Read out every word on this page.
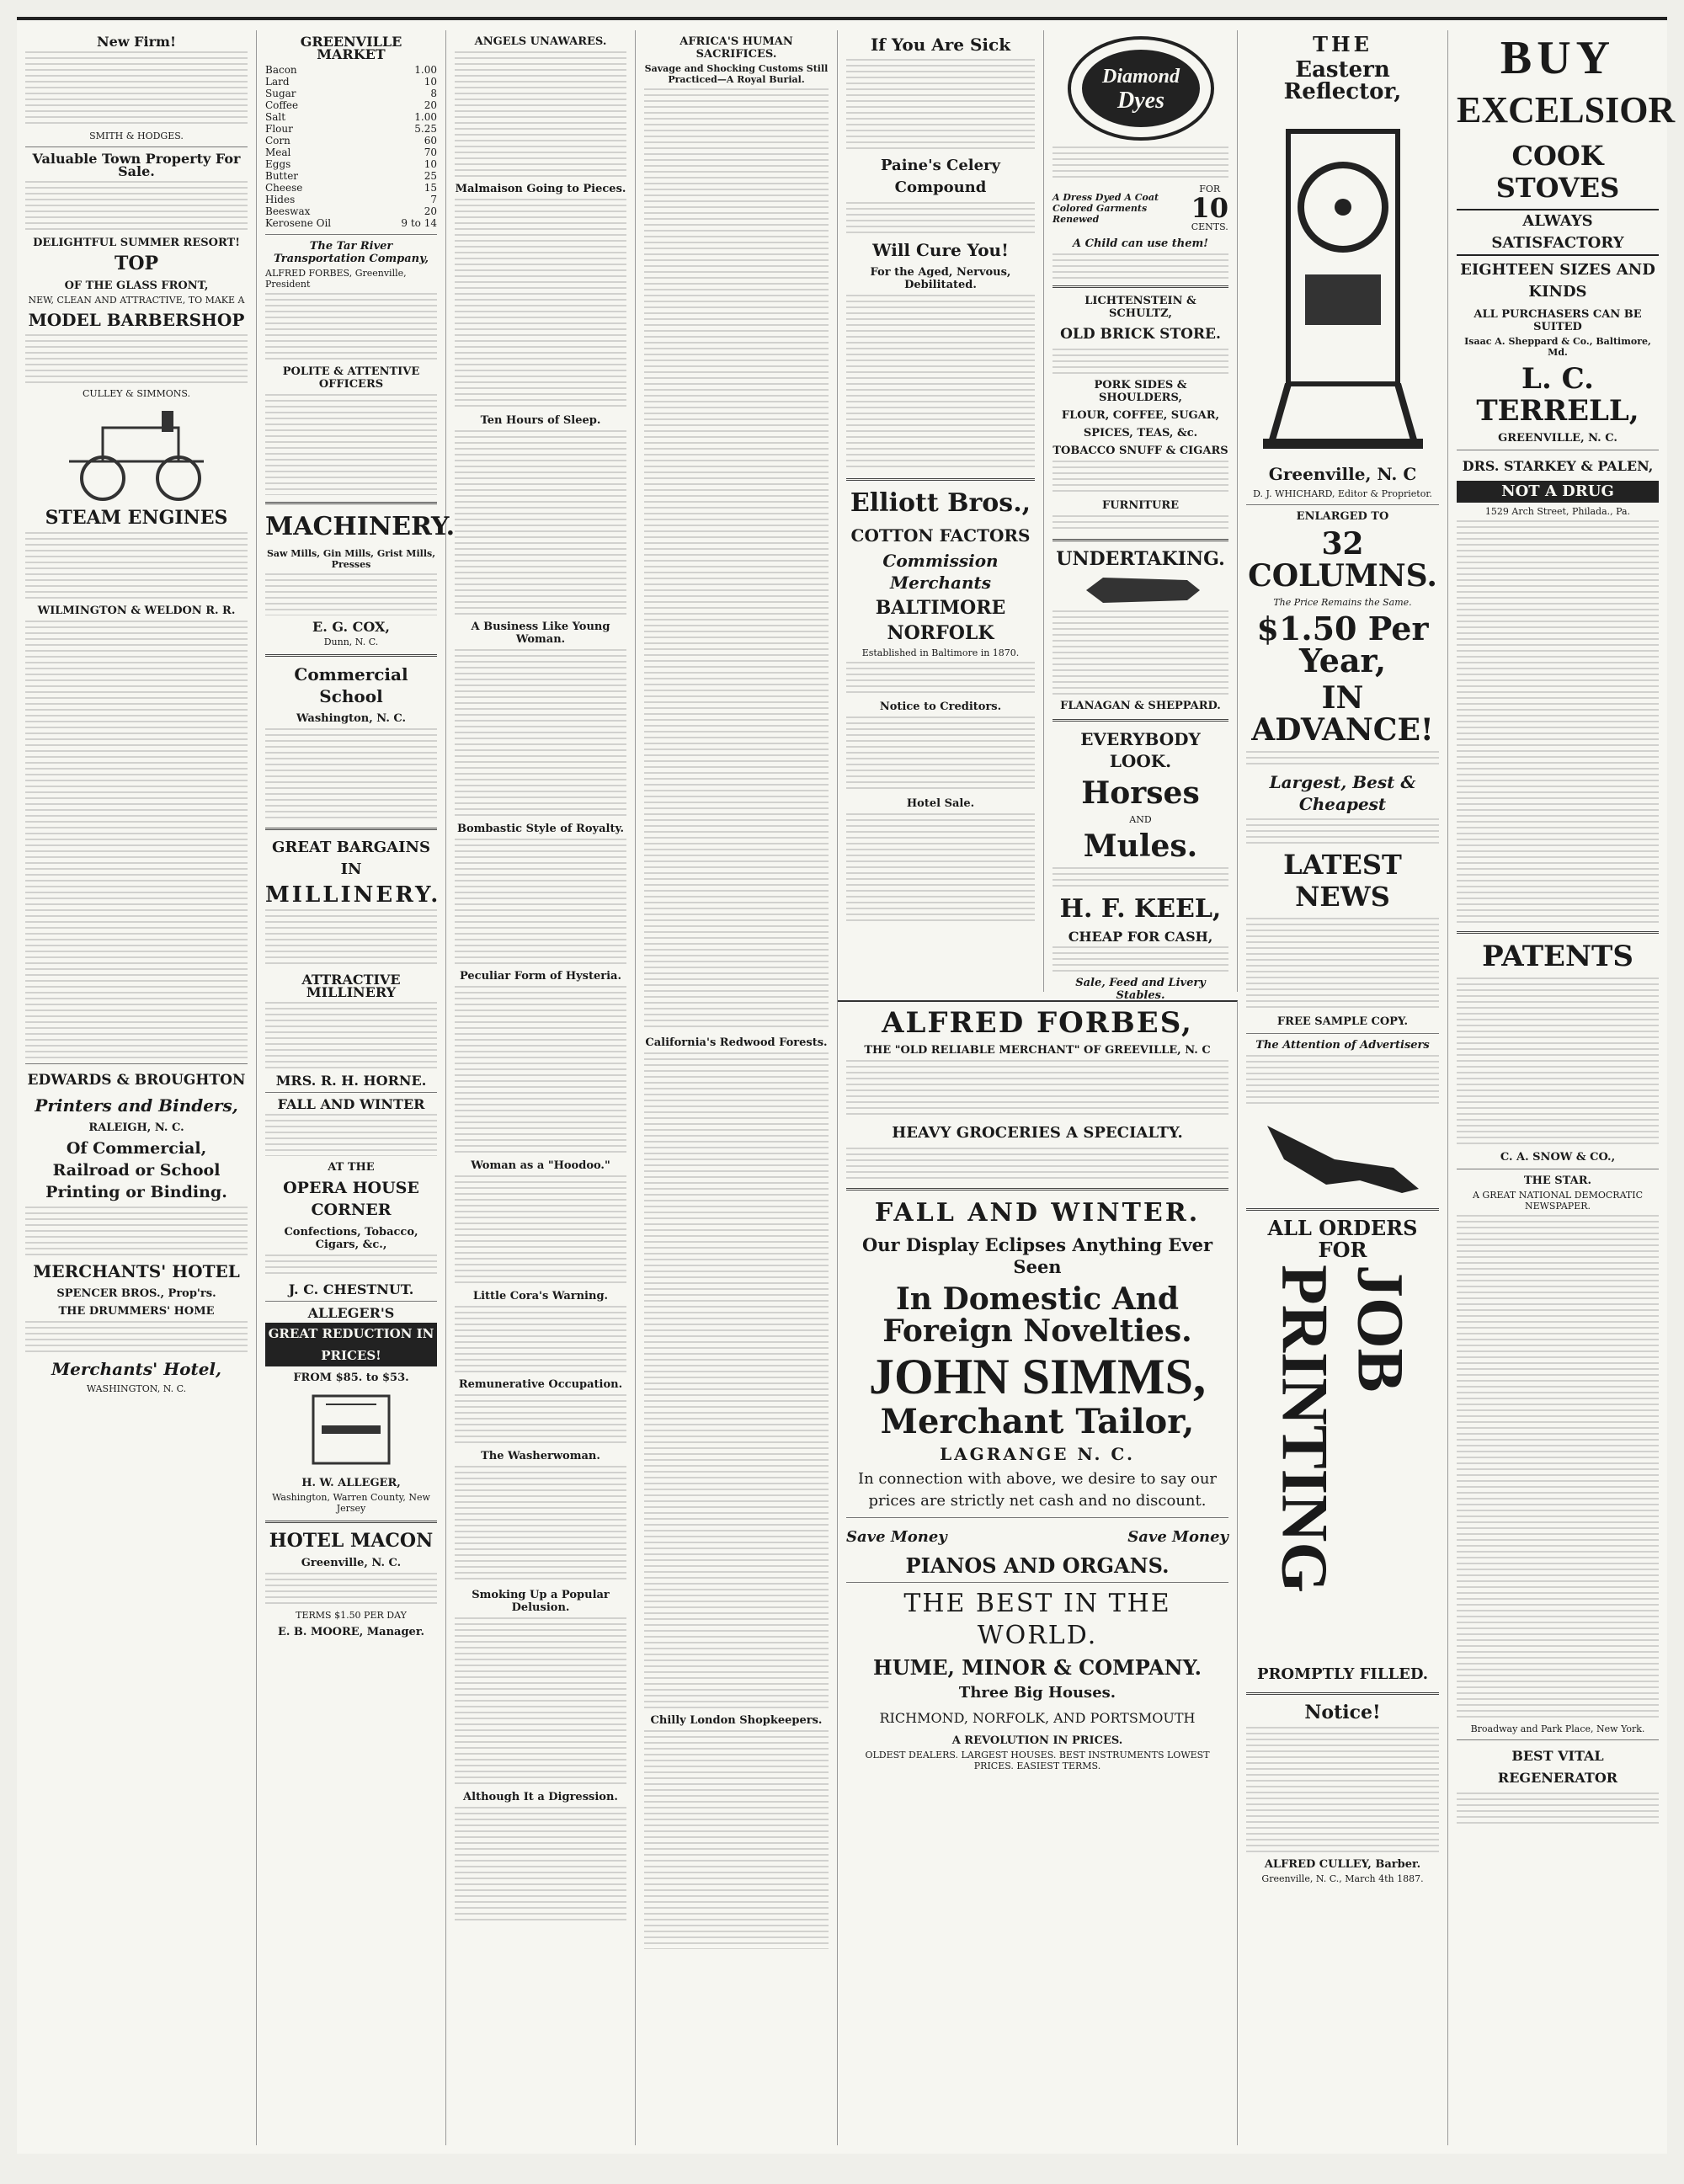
New Firm!
SMITH & HODGES.
Valuable Town Property For Sale.
DELIGHTFUL SUMMER RESORT!
TOP
OF THE GLASS FRONT,
NEW, CLEAN AND ATTRACTIVE, TO MAKE A
MODEL BARBERSHOP
CULLEY & SIMMONS.
STEAM ENGINES
WILMINGTON & WELDON R. R.
EDWARDS & BROUGHTON
Printers and Binders,
RALEIGH, N. C.
Of Commercial, Railroad or School Printing or Binding.
MERCHANTS' HOTEL
SPENCER BROS., Prop'rs.
THE DRUMMERS' HOME
Merchants' Hotel,
WASHINGTON, N. C.
GREENVILLE MARKET
Bacon	1.00
Lard	10
Sugar	8
Coffee	20
Salt	1.00
Flour	5.25
Corn	60
Meal	70
Eggs	10
Butter	25
Cheese	15
Hides	7
Beeswax	20
Kerosene Oil	9 to 14
The Tar River Transportation Company,
ALFRED FORBES, Greenville, President
POLITE & ATTENTIVE OFFICERS
MACHINERY.
Saw Mills, Gin Mills, Grist Mills, Presses
E. G. COX,
Dunn, N. C.
Commercial School
Washington, N. C.
GREAT BARGAINS IN
MILLINERY.
ATTRACTIVE MILLINERY
MRS. R. H. HORNE.
FALL AND WINTER
AT THE
OPERA HOUSE CORNER
Confections, Tobacco, Cigars, &c.,
J. C. CHESTNUT.
ALLEGER'S
GREAT REDUCTION IN PRICES!
FROM $85. to $53.
H. W. ALLEGER,
Washington, Warren County, New Jersey
HOTEL MACON
Greenville, N. C.
TERMS $1.50 PER DAY
E. B. MOORE, Manager.
ANGELS UNAWARES.
Malmaison Going to Pieces.
Ten Hours of Sleep.
A Business Like Young Woman.
Bombastic Style of Royalty.
Peculiar Form of Hysteria.
Woman as a "Hoodoo."
Little Cora's Warning.
Remunerative Occupation.
The Washerwoman.
Smoking Up a Popular Delusion.
Although It a Digression.
AFRICA'S HUMAN SACRIFICES.
Savage and Shocking Customs Still Practiced—A Royal Burial.
California's Redwood Forests.
Chilly London Shopkeepers.
If You Are Sick
Paine's Celery Compound
Will Cure You!
For the Aged, Nervous, Debilitated.
Elliott Bros.,
COTTON FACTORS
Commission Merchants
BALTIMORE
NORFOLK
Established in Baltimore in 1870.
Notice to Creditors.
Hotel Sale.
Diamond
Dyes
A Dress Dyed A Coat Colored Garments Renewed
FOR
10
CENTS.
A Child can use them!
LICHTENSTEIN & SCHULTZ,
OLD BRICK STORE.
PORK SIDES & SHOULDERS,
FLOUR, COFFEE, SUGAR,
SPICES, TEAS, &c.
TOBACCO SNUFF & CIGARS
FURNITURE
UNDERTAKING.
FLANAGAN & SHEPPARD.
EVERYBODY LOOK.
Horses
AND
Mules.
H. F. KEEL,
CHEAP FOR CASH,
Sale, Feed and Livery Stables.
ALFRED FORBES,
THE "OLD RELIABLE MERCHANT" OF GREEVILLE, N. C
HEAVY GROCERIES A SPECIALTY.
FALL AND WINTER.
Our Display Eclipses Anything Ever Seen
In Domestic And Foreign Novelties.
JOHN SIMMS,
Merchant Tailor,
LAGRANGE N. C.
In connection with above, we desire to say our prices are strictly net cash and no discount.
Save Money	Save Money
PIANOS AND ORGANS.
THE BEST IN THE WORLD.
HUME, MINOR & COMPANY.
Three Big Houses.
RICHMOND, NORFOLK, AND PORTSMOUTH
A REVOLUTION IN PRICES.
OLDEST DEALERS. LARGEST HOUSES. BEST INSTRUMENTS LOWEST PRICES. EASIEST TERMS.
THE
Eastern Reflector,
Greenville, N. C
D. J. WHICHARD, Editor & Proprietor.
ENLARGED TO
32 COLUMNS.
The Price Remains the Same.
$1.50 Per Year,
IN ADVANCE!
Largest, Best & Cheapest
LATEST NEWS
FREE SAMPLE COPY.
The Attention of Advertisers
ALL ORDERS FOR
JOB PRINTING
PROMPTLY FILLED.
Notice!
ALFRED CULLEY, Barber.
Greenville, N. C., March 4th 1887.
BUY
EXCELSIOR
COOK STOVES
ALWAYS SATISFACTORY
EIGHTEEN SIZES AND KINDS
ALL PURCHASERS CAN BE SUITED
Isaac A. Sheppard & Co., Baltimore, Md.
L. C. TERRELL,
GREENVILLE, N. C.
DRS. STARKEY & PALEN,
NOT A DRUG
1529 Arch Street, Philada., Pa.
PATENTS
C. A. SNOW & CO.,
THE STAR.
A GREAT NATIONAL DEMOCRATIC NEWSPAPER.
Broadway and Park Place, New York.
BEST VITAL REGENERATOR
